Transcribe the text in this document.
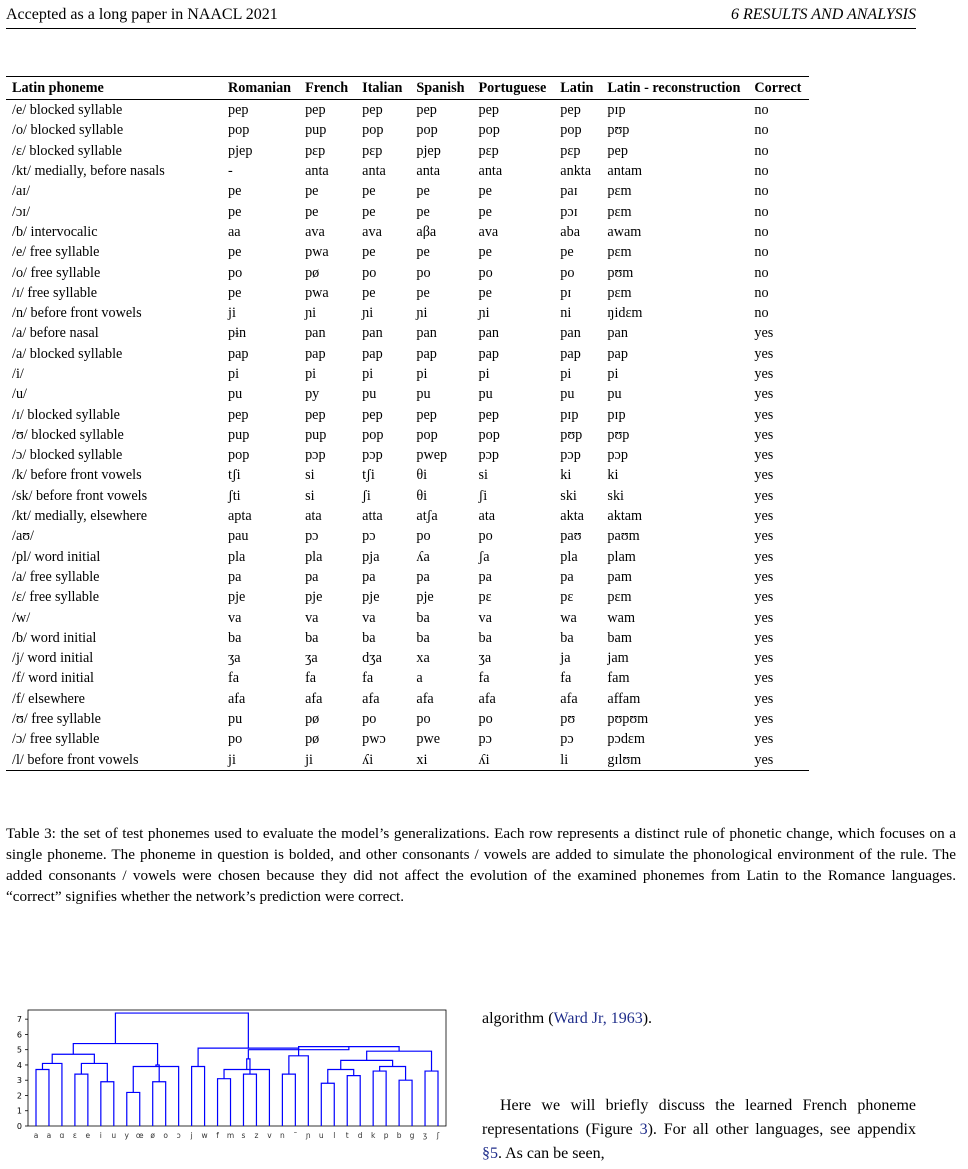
Accepted as a long paper in NAACL 2021	6 RESULTS AND ANALYSIS
Latin phoneme	Romanian	French	Italian	Spanish	Portuguese	Latin	Latin - reconstruction	Correct
/e/ blocked syllable	pep	pep	pep	pep	pep	pep	pɪp	no
/o/ blocked syllable	pop	pup	pop	pop	pop	pop	pʊp	no
/ɛ/ blocked syllable	pjep	pɛp	pɛp	pjep	pɛp	pɛp	pep	no
/kt/ medially, before nasals	-	anta	anta	anta	anta	ankta	antam	no
/aɪ/	pe	pe	pe	pe	pe	paɪ	pɛm	no
/ɔɪ/	pe	pe	pe	pe	pe	pɔɪ	pɛm	no
/b/ intervocalic	aa	ava	ava	aβa	ava	aba	awam	no
/e/ free syllable	pe	pwa	pe	pe	pe	pe	pɛm	no
/o/ free syllable	po	pø	po	po	po	po	pʊm	no
/ɪ/ free syllable	pe	pwa	pe	pe	pe	pɪ	pɛm	no
/n/ before front vowels	ji	ɲi	ɲi	ɲi	ɲi	ni	ŋidɛm	no
/a/ before nasal	pɨn	pan	pan	pan	pan	pan	pan	yes
/a/ blocked syllable	pap	pap	pap	pap	pap	pap	pap	yes
/i/	pi	pi	pi	pi	pi	pi	pi	yes
/u/	pu	py	pu	pu	pu	pu	pu	yes
/ɪ/ blocked syllable	pep	pep	pep	pep	pep	pɪp	pɪp	yes
/ʊ/ blocked syllable	pup	pup	pop	pop	pop	pʊp	pʊp	yes
/ɔ/ blocked syllable	pop	pɔp	pɔp	pwep	pɔp	pɔp	pɔp	yes
/k/ before front vowels	tʃi	si	tʃi	θi	si	ki	ki	yes
/sk/ before front vowels	ʃti	si	ʃi	θi	ʃi	ski	ski	yes
/kt/ medially, elsewhere	apta	ata	atta	atʃa	ata	akta	aktam	yes
/aʊ/	pau	pɔ	pɔ	po	po	paʊ	paʊm	yes
/pl/ word initial	pla	pla	pja	ʎa	ʃa	pla	plam	yes
/a/ free syllable	pa	pa	pa	pa	pa	pa	pam	yes
/ɛ/ free syllable	pje	pje	pje	pje	pɛ	pɛ	pɛm	yes
/w/	va	va	va	ba	va	wa	wam	yes
/b/ word initial	ba	ba	ba	ba	ba	ba	bam	yes
/j/ word initial	ʒa	ʒa	dʒa	xa	ʒa	ja	jam	yes
/f/ word initial	fa	fa	fa	a	fa	fa	fam	yes
/f/ elsewhere	afa	afa	afa	afa	afa	afa	affam	yes
/ʊ/ free syllable	pu	pø	po	po	po	pʊ	pʊpʊm	yes
/ɔ/ free syllable	po	pø	pwɔ	pwe	pɔ	pɔ	pɔdɛm	yes
/l/ before front vowels	ji	ji	ʎi	xi	ʎi	li	gɪlʊm	yes
Table 3: the set of test phonemes used to evaluate the model’s generalizations. Each row represents a distinct rule of phonetic change, which focuses on a single phoneme. The phoneme in question is bolded, and other consonants / vowels are added to simulate the phonological environment of the rule. The added consonants / vowels were chosen because they did not affect the evolution of the examined phonemes from Latin to the Romance languages. “correct” signifies whether the network’s prediction were correct.
0
1
2
3
4
5
6
7
a a ɑ ɛ e i u y œ ø o ɔ j w f m s z v n ˜ ɲ u l t d k p b g ʒ ʃ
algorithm (Ward Jr, 1963).
Here we will briefly discuss the learned French phoneme representations (Figure 3). For all other languages, see appendix §5. As can be seen,
